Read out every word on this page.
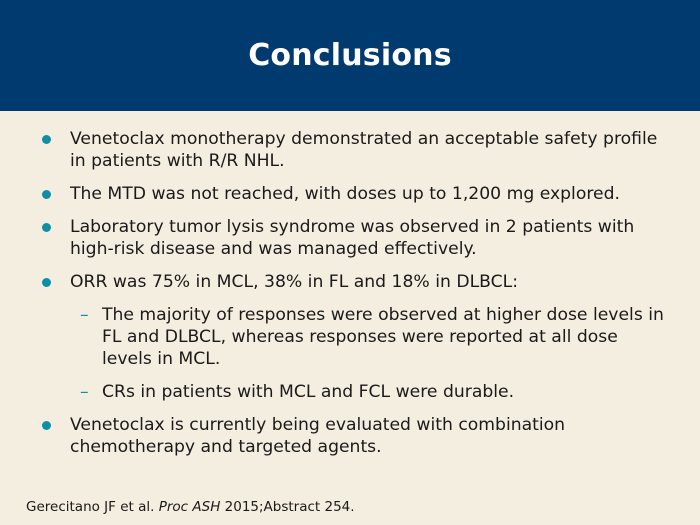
Conclusions
Venetoclax monotherapy demonstrated an acceptable safety profile in patients with R/R NHL.
The MTD was not reached, with doses up to 1,200 mg explored.
Laboratory tumor lysis syndrome was observed in 2 patients with high-risk disease and was managed effectively.
ORR was 75% in MCL, 38% in FL and 18% in DLBCL:
– The majority of responses were observed at higher dose levels in FL and DLBCL, whereas responses were reported at all dose levels in MCL.
– CRs in patients with MCL and FCL were durable.
Venetoclax is currently being evaluated with combination chemotherapy and targeted agents.
Gerecitano JF et al. Proc ASH 2015;Abstract 254.
